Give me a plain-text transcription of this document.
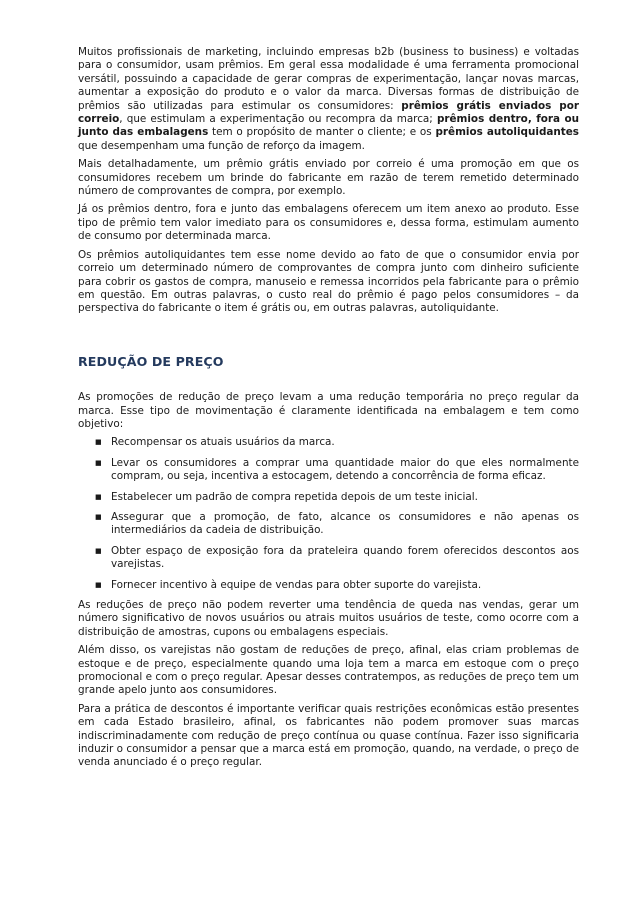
Muitos profissionais de marketing, incluindo empresas b2b (business to business) e voltadas para o consumidor, usam prêmios. Em geral essa modalidade é uma ferramenta promocional versátil, possuindo a capacidade de gerar compras de experimentação, lançar novas marcas, aumentar a exposição do produto e o valor da marca. Diversas formas de distribuição de prêmios são utilizadas para estimular os consumidores: prêmios grátis enviados por correio, que estimulam a experimentação ou recompra da marca; prêmios dentro, fora ou junto das embalagens tem o propósito de manter o cliente; e os prêmios autoliquidantes que desempenham uma função de reforço da imagem.

Mais detalhadamente, um prêmio grátis enviado por correio é uma promoção em que os consumidores recebem um brinde do fabricante em razão de terem remetido determinado número de comprovantes de compra, por exemplo.

Já os prêmios dentro, fora e junto das embalagens oferecem um item anexo ao produto. Esse tipo de prêmio tem valor imediato para os consumidores e, dessa forma, estimulam aumento de consumo por determinada marca.

Os prêmios autoliquidantes tem esse nome devido ao fato de que o consumidor envia por correio um determinado número de comprovantes de compra junto com dinheiro suficiente para cobrir os gastos de compra, manuseio e remessa incorridos pela fabricante para o prêmio em questão. Em outras palavras, o custo real do prêmio é pago pelos consumidores – da perspectiva do fabricante o item é grátis ou, em outras palavras, autoliquidante.

REDUÇÃO DE PREÇO

As promoções de redução de preço levam a uma redução temporária no preço regular da marca. Esse tipo de movimentação é claramente identificada na embalagem e tem como objetivo:

■ Recompensar os atuais usuários da marca.
■ Levar os consumidores a comprar uma quantidade maior do que eles normalmente compram, ou seja, incentiva a estocagem, detendo a concorrência de forma eficaz.
■ Estabelecer um padrão de compra repetida depois de um teste inicial.
■ Assegurar que a promoção, de fato, alcance os consumidores e não apenas os intermediários da cadeia de distribuição.
■ Obter espaço de exposição fora da prateleira quando forem oferecidos descontos aos varejistas.
■ Fornecer incentivo à equipe de vendas para obter suporte do varejista.

As reduções de preço não podem reverter uma tendência de queda nas vendas, gerar um número significativo de novos usuários ou atrais muitos usuários de teste, como ocorre com a distribuição de amostras, cupons ou embalagens especiais.

Além disso, os varejistas não gostam de reduções de preço, afinal, elas criam problemas de estoque e de preço, especialmente quando uma loja tem a marca em estoque com o preço promocional e com o preço regular. Apesar desses contratempos, as reduções de preço tem um grande apelo junto aos consumidores.

Para a prática de descontos é importante verificar quais restrições econômicas estão presentes em cada Estado brasileiro, afinal, os fabricantes não podem promover suas marcas indiscriminadamente com redução de preço contínua ou quase contínua. Fazer isso significaria induzir o consumidor a pensar que a marca está em promoção, quando, na verdade, o preço de venda anunciado é o preço regular.
